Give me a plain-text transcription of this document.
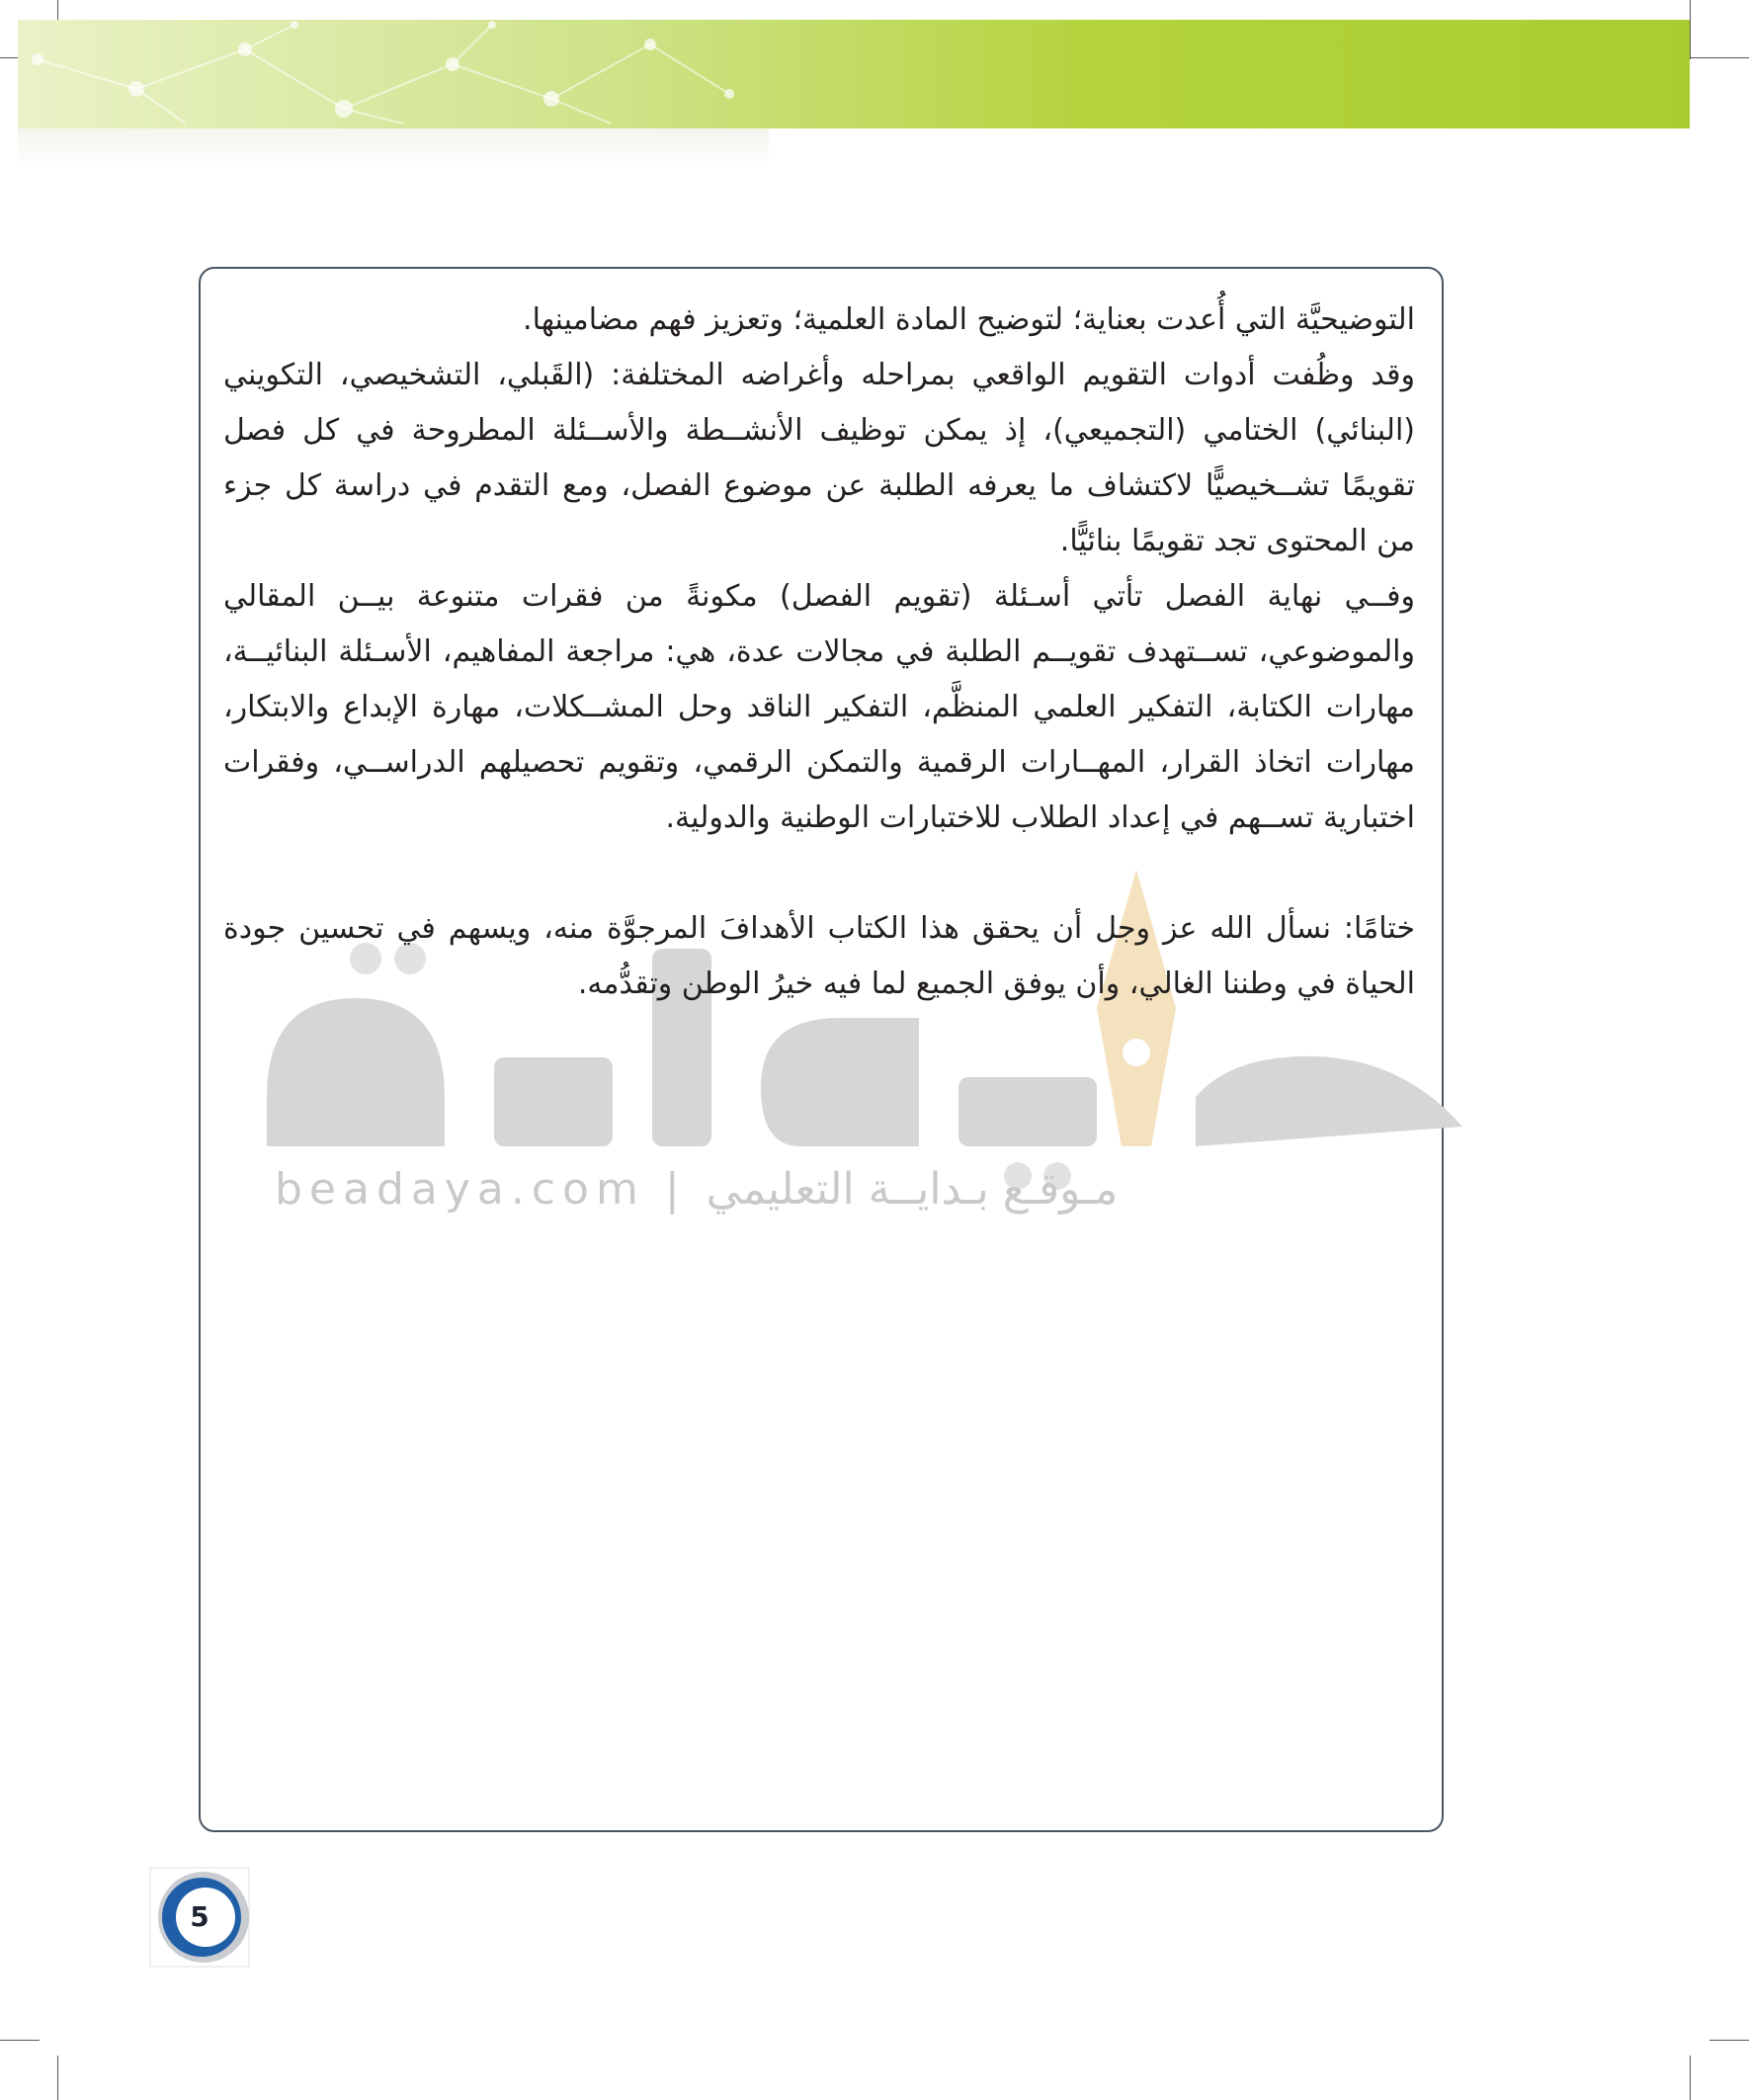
beadaya.com | مـوقـع بـدايــة التعليمي

التوضيحيَّة التي أُعدت بعناية؛ لتوضيح المادة العلمية؛ وتعزيز فهم مضامينها.

وقد وظُفت أدوات التقويم الواقعي بمراحله وأغراضه المختلفة: (القَبلي، التشخيصي، التكويني (البنائي) الختامي (التجميعي)، إذ يمكن توظيف الأنشــطة والأســئلة المطروحة في كل فصل تقويمًا تشــخيصيًّا لاكتشاف ما يعرفه الطلبة عن موضوع الفصل، ومع التقدم في دراسة كل جزء من المحتوى تجد تقويمًا بنائيًّا.

وفــي نهاية الفصل تأتي أسـئلة (تقويم الفصل) مكونةً من فقرات متنوعة بيــن المقالي والموضوعي، تســتهدف تقويــم الطلبة في مجالات عدة، هي: مراجعة المفاهيم، الأسـئلة البنائيــة، مهارات الكتابة، التفكير العلمي المنظَّم، التفكير الناقد وحل المشــكلات، مهارة الإبداع والابتكار، مهارات اتخاذ القرار، المهــارات الرقمية والتمكن الرقمي، وتقويم تحصيلهم الدراســي، وفقرات اختبارية تســهم في إعداد الطلاب للاختبارات الوطنية والدولية.

ختامًا: نسأل الله عز وجل أن يحقق هذا الكتاب الأهدافَ المرجوَّة منه، ويسهم في تحسين جودة الحياة في وطننا الغالي، وأن يوفق الجميع لما فيه خيرُ الوطن وتقدُّمه.

5
